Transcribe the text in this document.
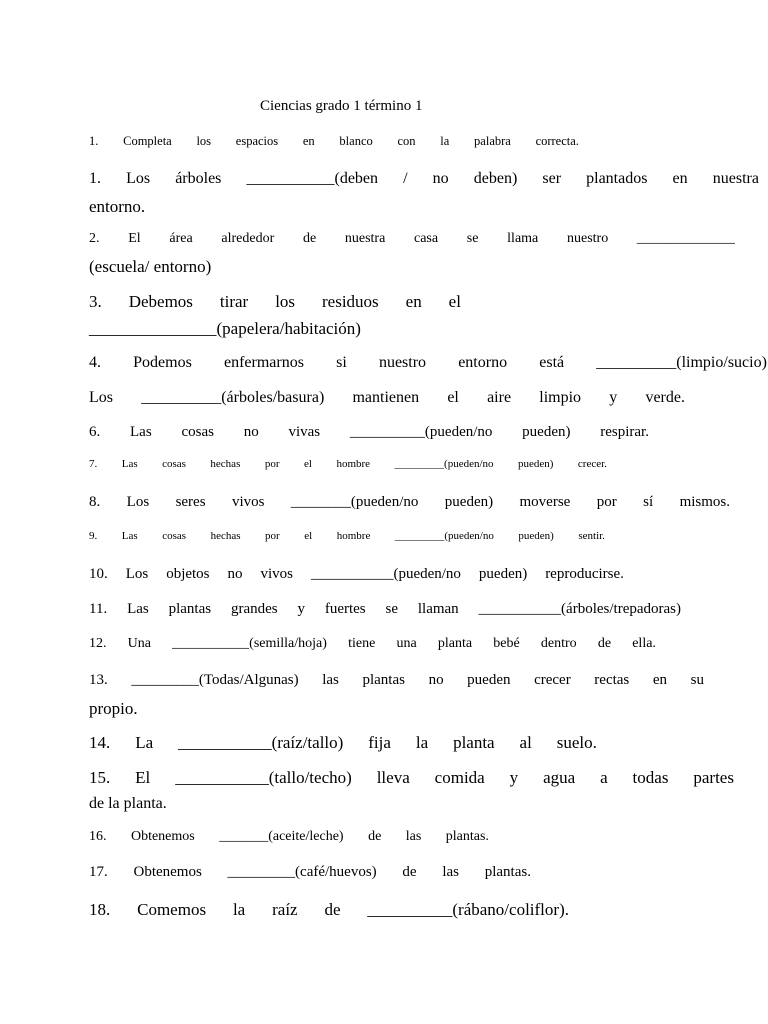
Ciencias grado 1 término 1
1. Completa los espacios en blanco con la palabra correcta.
1. Los árboles ___________(deben / no deben) ser plantados en nuestra
entorno.
2. El área alrededor de nuestra casa se llama nuestro ______________
(escuela/ entorno)
3. Debemos tirar los residuos en el
_______________(papelera/habitación)
4. Podemos enfermarnos si nuestro entorno está __________(limpio/sucio)
Los __________(árboles/basura) mantienen el aire limpio y verde.
6. Las cosas no vivas __________(pueden/no pueden) respirar.
7. Las cosas hechas por el hombre _________(pueden/no pueden) crecer.
8. Los seres vivos ________(pueden/no pueden) moverse por sí mismos.
9. Las cosas hechas por el hombre _________(pueden/no pueden) sentir.
10. Los objetos no vivos ___________(pueden/no pueden) reproducirse.
11. Las plantas grandes y fuertes se llaman ___________(árboles/trepadoras)
12. Una ___________(semilla/hoja) tiene una planta bebé dentro de ella.
13. _________(Todas/Algunas) las plantas no pueden crecer rectas en su
propio.
14. La ___________(raíz/tallo) fija la planta al suelo.
15. El ___________(tallo/techo) lleva comida y agua a todas partes
de la planta.
16. Obtenemos _______(aceite/leche) de las plantas.
17. Obtenemos _________(café/huevos) de las plantas.
18. Comemos la raíz de __________(rábano/coliflor).
